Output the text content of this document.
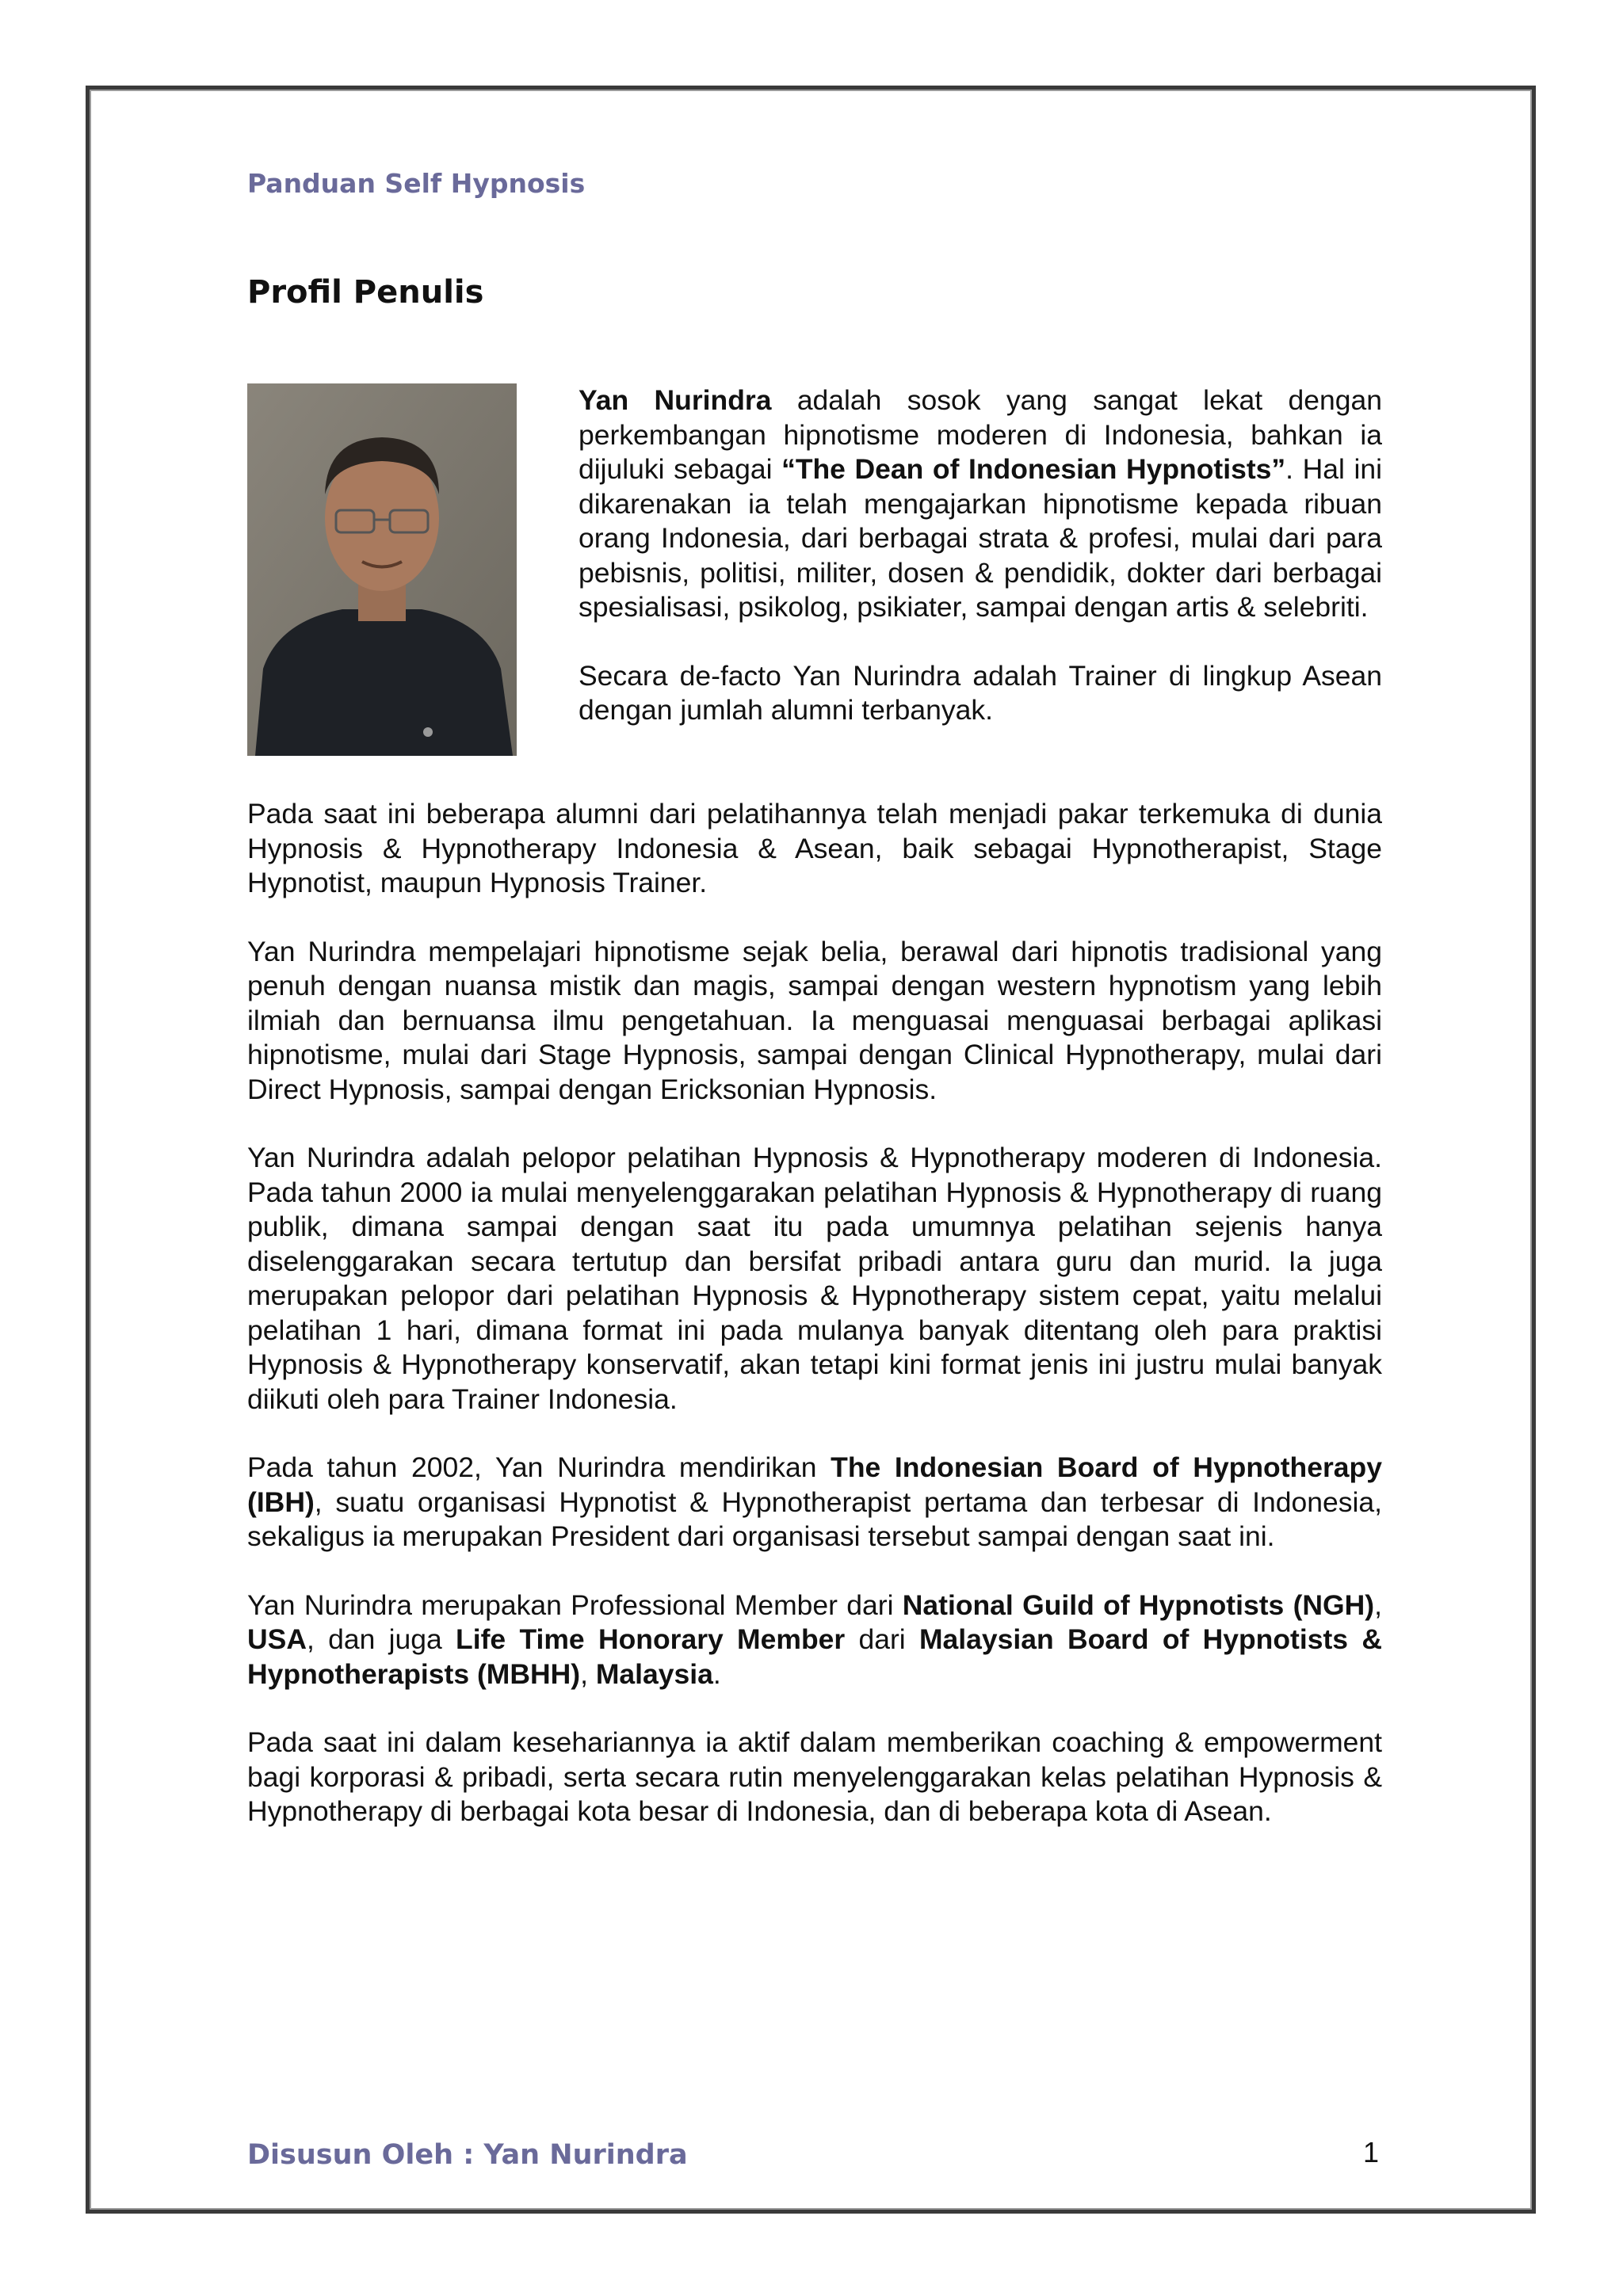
Panduan Self Hypnosis
Profil Penulis

Yan Nurindra adalah sosok yang sangat lekat dengan perkembangan hipnotisme moderen di Indonesia, bahkan ia dijuluki sebagai “The Dean of Indonesian Hypnotists”. Hal ini dikarenakan ia telah mengajarkan hipnotisme kepada ribuan orang Indonesia, dari berbagai strata & profesi, mulai dari para pebisnis, politisi, militer, dosen & pendidik, dokter dari berbagai spesialisasi, psikolog, psikiater, sampai dengan artis & selebriti.

Secara de-facto Yan Nurindra adalah Trainer di lingkup Asean dengan jumlah alumni terbanyak.

Pada saat ini beberapa alumni dari pelatihannya telah menjadi pakar terkemuka di dunia Hypnosis & Hypnotherapy Indonesia & Asean, baik sebagai Hypnotherapist, Stage Hypnotist, maupun Hypnosis Trainer.

Yan Nurindra mempelajari hipnotisme sejak belia, berawal dari hipnotis tradisional yang penuh dengan nuansa mistik dan magis, sampai dengan western hypnotism yang lebih ilmiah dan bernuansa ilmu pengetahuan. Ia menguasai menguasai berbagai aplikasi hipnotisme, mulai dari Stage Hypnosis, sampai dengan Clinical Hypnotherapy, mulai dari Direct Hypnosis, sampai dengan Ericksonian Hypnosis.

Yan Nurindra adalah pelopor pelatihan Hypnosis & Hypnotherapy moderen di Indonesia. Pada tahun 2000 ia mulai menyelenggarakan pelatihan Hypnosis & Hypnotherapy di ruang publik, dimana sampai dengan saat itu pada umumnya pelatihan sejenis hanya diselenggarakan secara tertutup dan bersifat pribadi antara guru dan murid. Ia juga merupakan pelopor dari pelatihan Hypnosis & Hypnotherapy sistem cepat, yaitu melalui pelatihan 1 hari, dimana format ini pada mulanya banyak ditentang oleh para praktisi Hypnosis & Hypnotherapy konservatif, akan tetapi kini format jenis ini justru mulai banyak diikuti oleh para Trainer Indonesia.

Pada tahun 2002, Yan Nurindra mendirikan The Indonesian Board of Hypnotherapy (IBH), suatu organisasi Hypnotist & Hypnotherapist pertama dan terbesar di Indonesia, sekaligus ia merupakan President dari organisasi tersebut sampai dengan saat ini.

Yan Nurindra merupakan Professional Member dari National Guild of Hypnotists (NGH), USA, dan juga Life Time Honorary Member dari Malaysian Board of Hypnotists & Hypnotherapists (MBHH), Malaysia.

Pada saat ini dalam kesehariannya ia aktif dalam memberikan coaching & empowerment bagi korporasi & pribadi, serta secara rutin menyelenggarakan kelas pelatihan Hypnosis & Hypnotherapy di berbagai kota besar di Indonesia, dan di beberapa kota di Asean.

Disusun Oleh : Yan Nurindra	1
